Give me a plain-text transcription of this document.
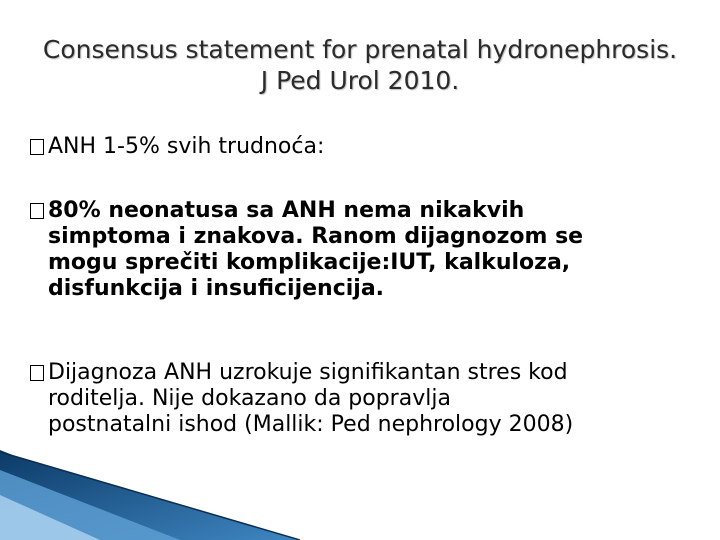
Consensus statement for prenatal hydronephrosis.
J Ped Urol 2010.
ANH 1-5% svih trudnoća:
80% neonatusa sa ANH nema nikakvih
simptoma i znakova. Ranom dijagnozom se
mogu sprečiti komplikacije:IUT, kalkuloza,
disfunkcija i insuficijencija.
Dijagnoza ANH uzrokuje signifikantan stres kod
roditelja. Nije dokazano da popravlja
postnatalni ishod (Mallik: Ped nephrology 2008)
